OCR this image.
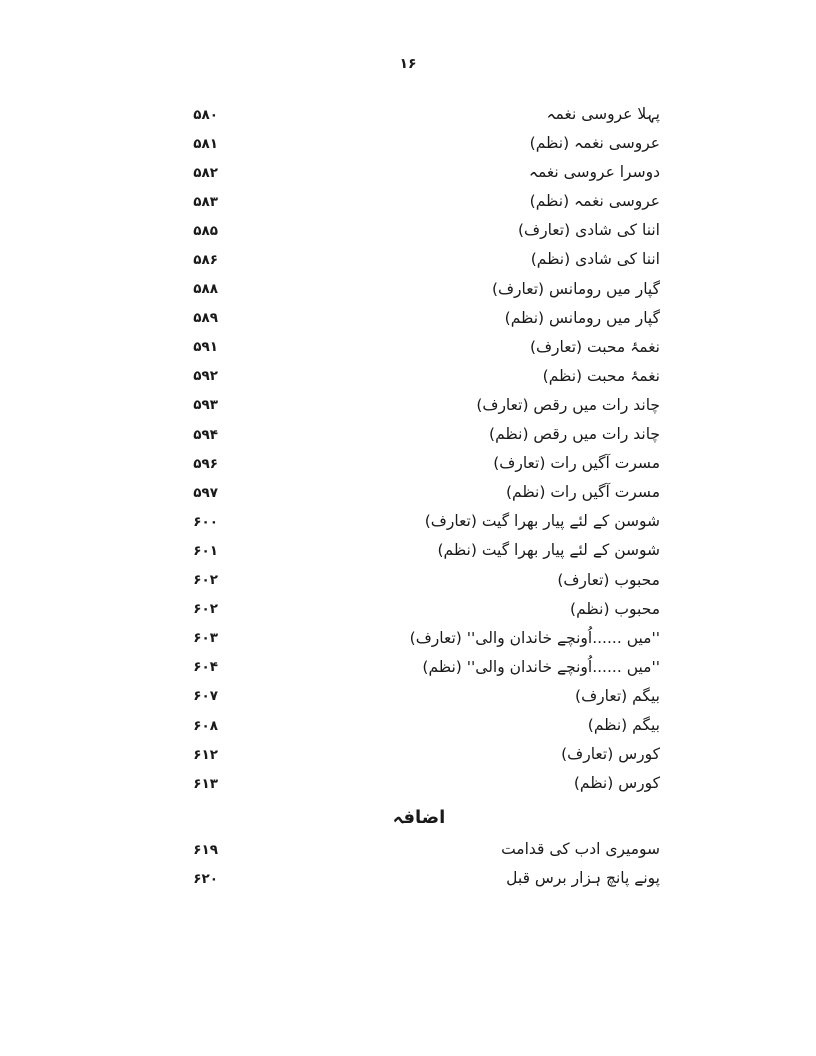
۱۶
۵۸۰	پہلا عروسی نغمہ
۵۸۱	عروسی نغمہ (نظم)
۵۸۲	دوسرا عروسی نغمہ
۵۸۳	عروسی نغمہ (نظم)
۵۸۵	اننا کی شادی (تعارف)
۵۸۶	اننا کی شادی (نظم)
۵۸۸	گپار میں رومانس (تعارف)
۵۸۹	گپار میں رومانس (نظم)
۵۹۱	نغمۂ محبت (تعارف)
۵۹۲	نغمۂ محبت (نظم)
۵۹۳	چاند رات میں رقص (تعارف)
۵۹۴	چاند رات میں رقص (نظم)
۵۹۶	مسرت آگیں رات (تعارف)
۵۹۷	مسرت آگیں رات (نظم)
۶۰۰	شوسن کے لئے پیار بھرا گیت (تعارف)
۶۰۱	شوسن کے لئے پیار بھرا گیت (نظم)
۶۰۲	محبوب (تعارف)
۶۰۲	محبوب (نظم)
۶۰۳	''میں ......اُونچے خاندان والی'' (تعارف)
۶۰۴	''میں ......اُونچے خاندان والی'' (نظم)
۶۰۷	بیگم (تعارف)
۶۰۸	بیگم (نظم)
۶۱۲	کورس (تعارف)
۶۱۳	کورس (نظم)
اضافہ
۶۱۹	سومیری ادب کی قدامت
۶۲۰	پونے پانچ ہزار برس قبل
